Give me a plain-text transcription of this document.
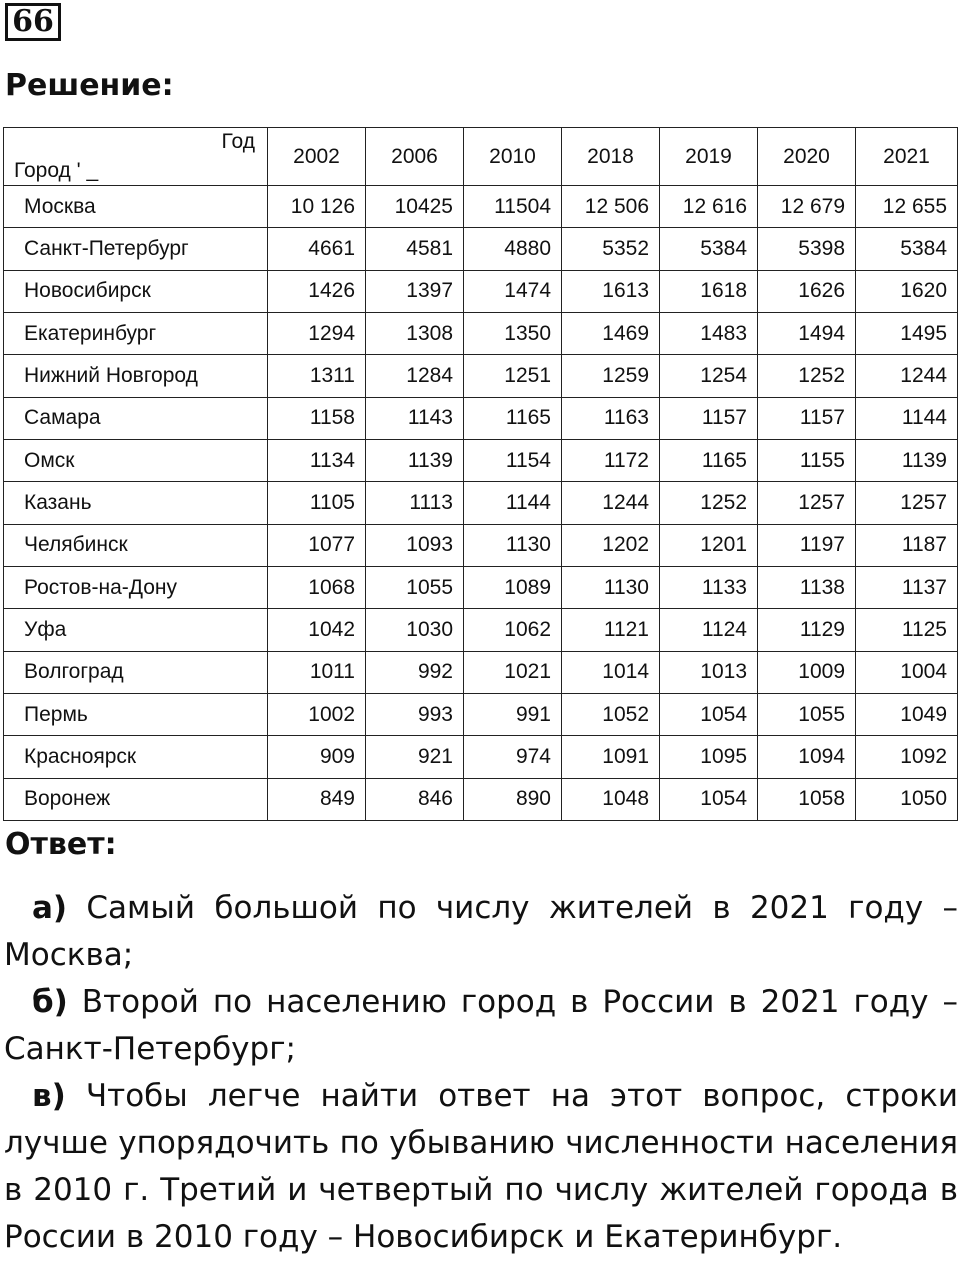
66
Решение:
Год
Город ' _	2002	2006	2010	2018	2019	2020	2021
Москва	10 126	10425	11504	12 506	12 616	12 679	12 655
Санкт-Петербург	4661	4581	4880	5352	5384	5398	5384
Новосибирск	1426	1397	1474	1613	1618	1626	1620
Екатеринбург	1294	1308	1350	1469	1483	1494	1495
Нижний Новгород	1311	1284	1251	1259	1254	1252	1244
Самара	1158	1143	1165	1163	1157	1157	1144
Омск	1134	1139	1154	1172	1165	1155	1139
Казань	1105	1113	1144	1244	1252	1257	1257
Челябинск	1077	1093	1130	1202	1201	1197	1187
Ростов-на-Дону	1068	1055	1089	1130	1133	1138	1137
Уфа	1042	1030	1062	1121	1124	1129	1125
Волгоград	1011	992	1021	1014	1013	1009	1004
Пермь	1002	993	991	1052	1054	1055	1049
Красноярск	909	921	974	1091	1095	1094	1092
Воронеж	849	846	890	1048	1054	1058	1050
Ответ:

а) Самый большой по числу жителей в 2021 году – Москва;

б) Второй по населению город в России в 2021 году – Санкт-Петербург;

в) Чтобы легче найти ответ на этот вопрос, строки лучше упорядочить по убыванию численности населения в 2010 г. Третий и четвертый по числу жителей города в России в 2010 году – Новосибирск и Екатеринбург.
